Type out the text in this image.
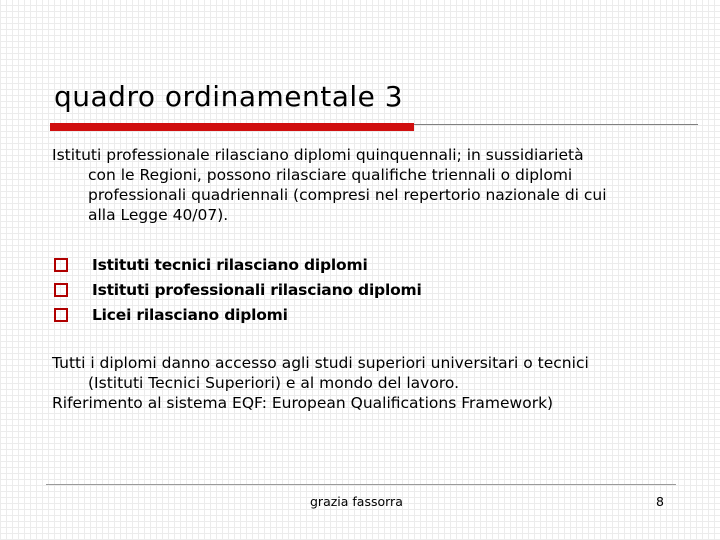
quadro ordinamentale 3
Istituti professionale rilasciano diplomi quinquennali; in sussidiarietà
con le Regioni, possono rilasciare qualifiche triennali o diplomi
professionali quadriennali (compresi nel repertorio nazionale di cui
alla Legge 40/07).
Istituti tecnici rilasciano diplomi
Istituti professionali rilasciano diplomi
Licei rilasciano diplomi
Tutti i diplomi danno accesso agli studi superiori universitari o tecnici
(Istituti Tecnici Superiori) e al mondo del lavoro.
Riferimento al sistema EQF: European Qualifications Framework)
grazia fassorra	8
